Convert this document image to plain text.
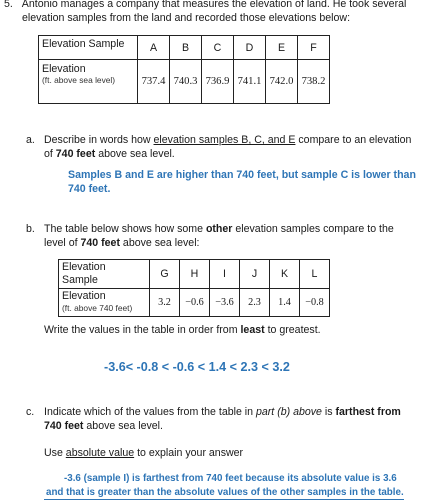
5. Antonio manages a company that measures the elevation of land. He took several
elevation samples from the land and recorded those elevations below:
Elevation Sample	A	B	C	D	E	F

Elevation
(ft. above sea level)	737.4	740.3	736.9	741.1	742.0	738.2
a. Describe in words how elevation samples B, C, and E compare to an elevation
of 740 feet above sea level.
Samples B and E are higher than 740 feet, but sample C is lower than
740 feet.
b. The table below shows how some other elevation samples compare to the
level of 740 feet above sea level:
Elevation
Sample	G	H	I	J	K	L

Elevation
(ft. above 740 feet)	3.2	−0.6	−3.6	2.3	1.4	−0.8
Write the values in the table in order from least to greatest.
-3.6< -0.8 < -0.6 < 1.4 < 2.3 < 3.2
c. Indicate which of the values from the table in part (b) above is farthest from
740 feet above sea level.
Use absolute value to explain your answer
-3.6 (sample I) is farthest from 740 feet because its absolute value is 3.6
and that is greater than the absolute values of the other samples in the table.
